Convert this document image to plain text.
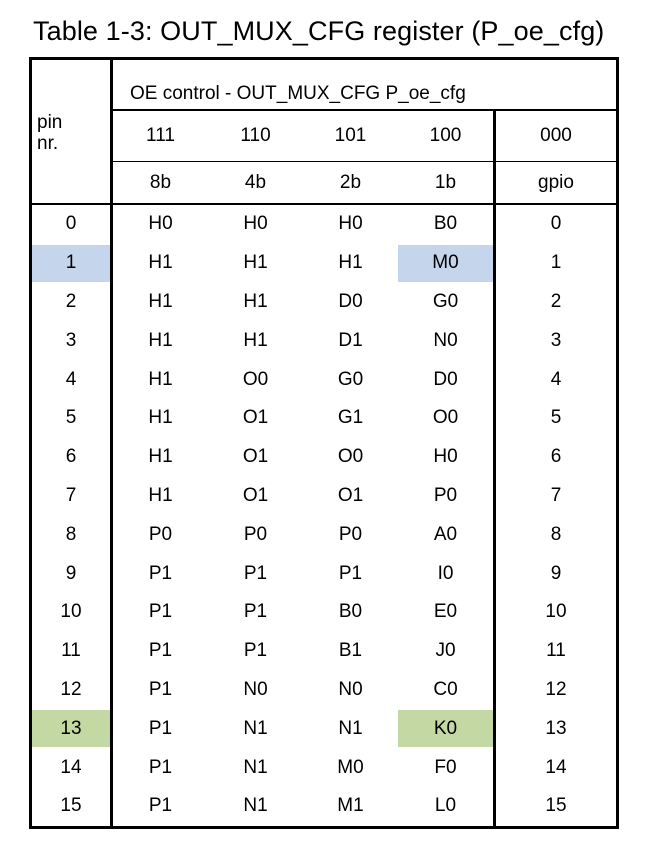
Table 1-3: OUT_MUX_CFG register (P_oe_cfg)
OE control - OUT_MUX_CFG P_oe_cfg
pin
nr.	111	110	101	100	000
8b	4b	2b	1b	gpio
0	H0	H0	H0	B0	0
1	H1	H1	H1	M0	1
2	H1	H1	D0	G0	2
3	H1	H1	D1	N0	3
4	H1	O0	G0	D0	4
5	H1	O1	G1	O0	5
6	H1	O1	O0	H0	6
7	H1	O1	O1	P0	7
8	P0	P0	P0	A0	8
9	P1	P1	P1	I0	9
10	P1	P1	B0	E0	10
11	P1	P1	B1	J0	11
12	P1	N0	N0	C0	12
13	P1	N1	N1	K0	13
14	P1	N1	M0	F0	14
15	P1	N1	M1	L0	15
